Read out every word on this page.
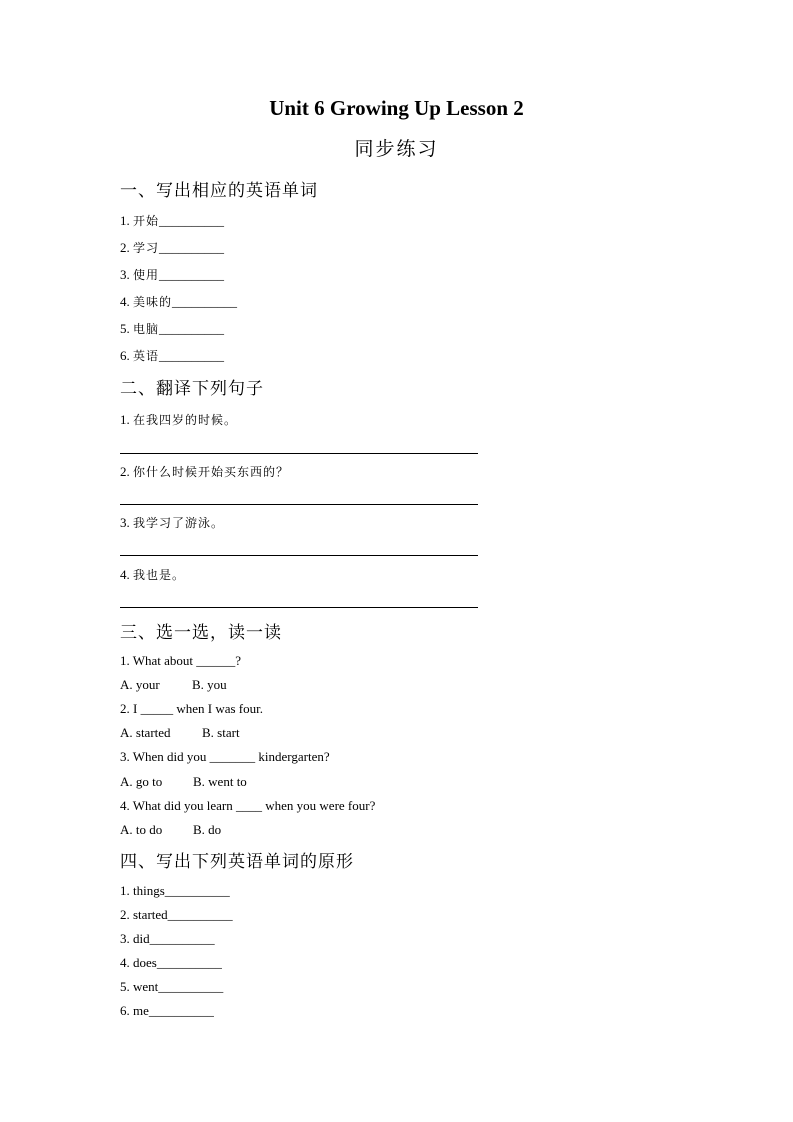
Unit 6 Growing Up Lesson 2
同步练习
一、写出相应的英语单词
1. 开始__________
2. 学习__________
3. 使用__________
4. 美味的__________
5. 电脑__________
6. 英语__________
二、翻译下列句子
1. 在我四岁的时候。
2. 你什么时候开始买东西的？
3. 我学习了游泳。
4. 我也是。
三、选一选，读一读
1. What about ______?
A. your B. you
2. I _____ when I was four.
A. started B. start
3. When did you _______ kindergarten?
A. go to B. went to
4. What did you learn ____ when you were four?
A. to do B. do
四、写出下列英语单词的原形
1. things__________
2. started__________
3. did__________
4. does__________
5. went__________
6. me__________
